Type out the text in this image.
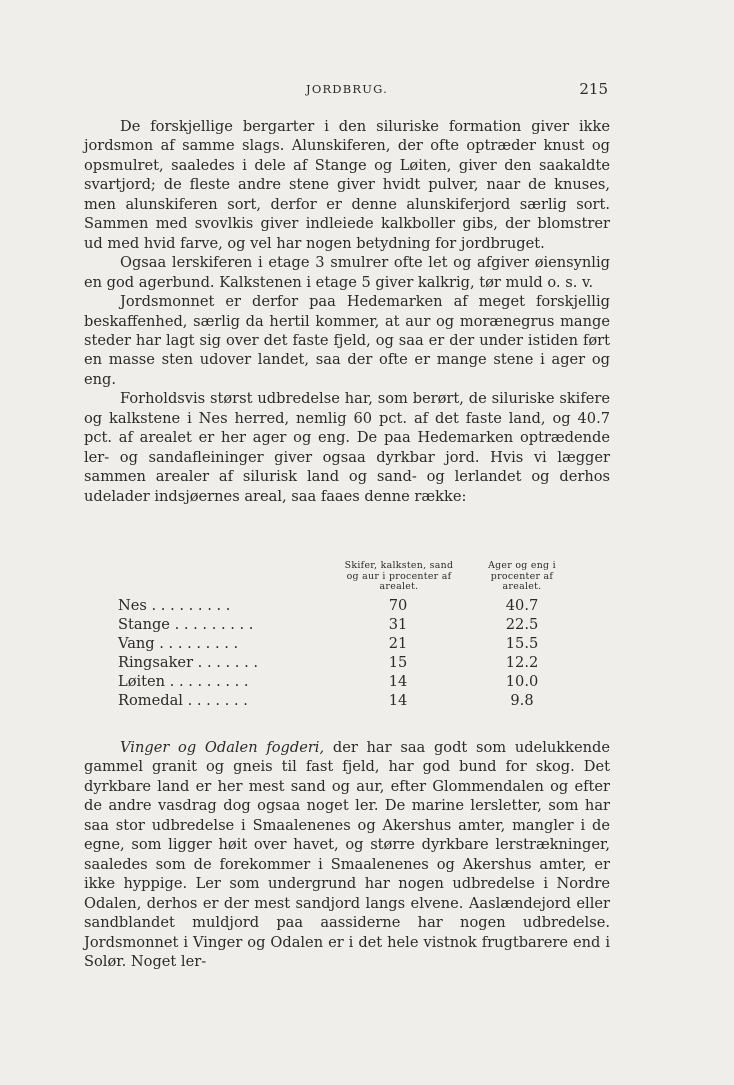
JORDBRUG.	215

De forskjellige bergarter i den siluriske formation giver ikke jordsmon af samme slags. Alunskiferen, der ofte optræder knust og opsmulret, saaledes i dele af Stange og Løiten, giver den saakaldte svartjord; de fleste andre stene giver hvidt pulver, naar de knuses, men alunskiferen sort, derfor er denne alunskiferjord særlig sort. Sammen med svovlkis giver indleiede kalkboller gibs, der blomstrer ud med hvid farve, og vel har nogen betydning for jordbruget.

Ogsaa lerskiferen i etage 3 smulrer ofte let og afgiver øiensynlig en god agerbund. Kalkstenen i etage 5 giver kalkrig, tør muld o. s. v.

Jordsmonnet er derfor paa Hedemarken af meget forskjellig beskaffenhed, særlig da hertil kommer, at aur og morænegrus mange steder har lagt sig over det faste fjeld, og saa er der under istiden ført en masse sten udover landet, saa der ofte er mange stene i ager og eng.

Forholdsvis størst udbredelse har, som berørt, de siluriske skifere og kalkstene i Nes herred, nemlig 60 pct. af det faste land, og 40.7 pct. af arealet er her ager og eng. De paa Hedemarken optrædende ler- og sandafleininger giver ogsaa dyrkbar jord. Hvis vi lægger sammen arealer af silurisk land og sand- og lerlandet og derhos udelader indsjøernes areal, saa faaes denne række:

Skifer, kalksten, sand og aur i procenter af arealet.
Ager og eng i procenter af arealet.
Nes . . . . . . . . .	70	40.7
Stange . . . . . . . . .	31	22.5
Vang . . . . . . . . .	21	15.5
Ringsaker . . . . . . .	15	12.2
Løiten . . . . . . . . .	14	10.0
Romedal . . . . . . .	14	9.8

Vinger og Odalen fogderi, der har saa godt som udelukkende gammel granit og gneis til fast fjeld, har god bund for skog. Det dyrkbare land er her mest sand og aur, efter Glommendalen og efter de andre vasdrag dog ogsaa noget ler. De marine lersletter, som har saa stor udbredelse i Smaalenenes og Akershus amter, mangler i de egne, som ligger høit over havet, og større dyrkbare lerstrækninger, saaledes som de forekommer i Smaalenenes og Akershus amter, er ikke hyppige. Ler som undergrund har nogen udbredelse i Nordre Odalen, derhos er der mest sandjord langs elvene. Aaslændejord eller sandblandet muldjord paa aassiderne har nogen udbredelse. Jordsmonnet i Vinger og Odalen er i det hele vistnok frugtbarere end i Solør. Noget ler-
